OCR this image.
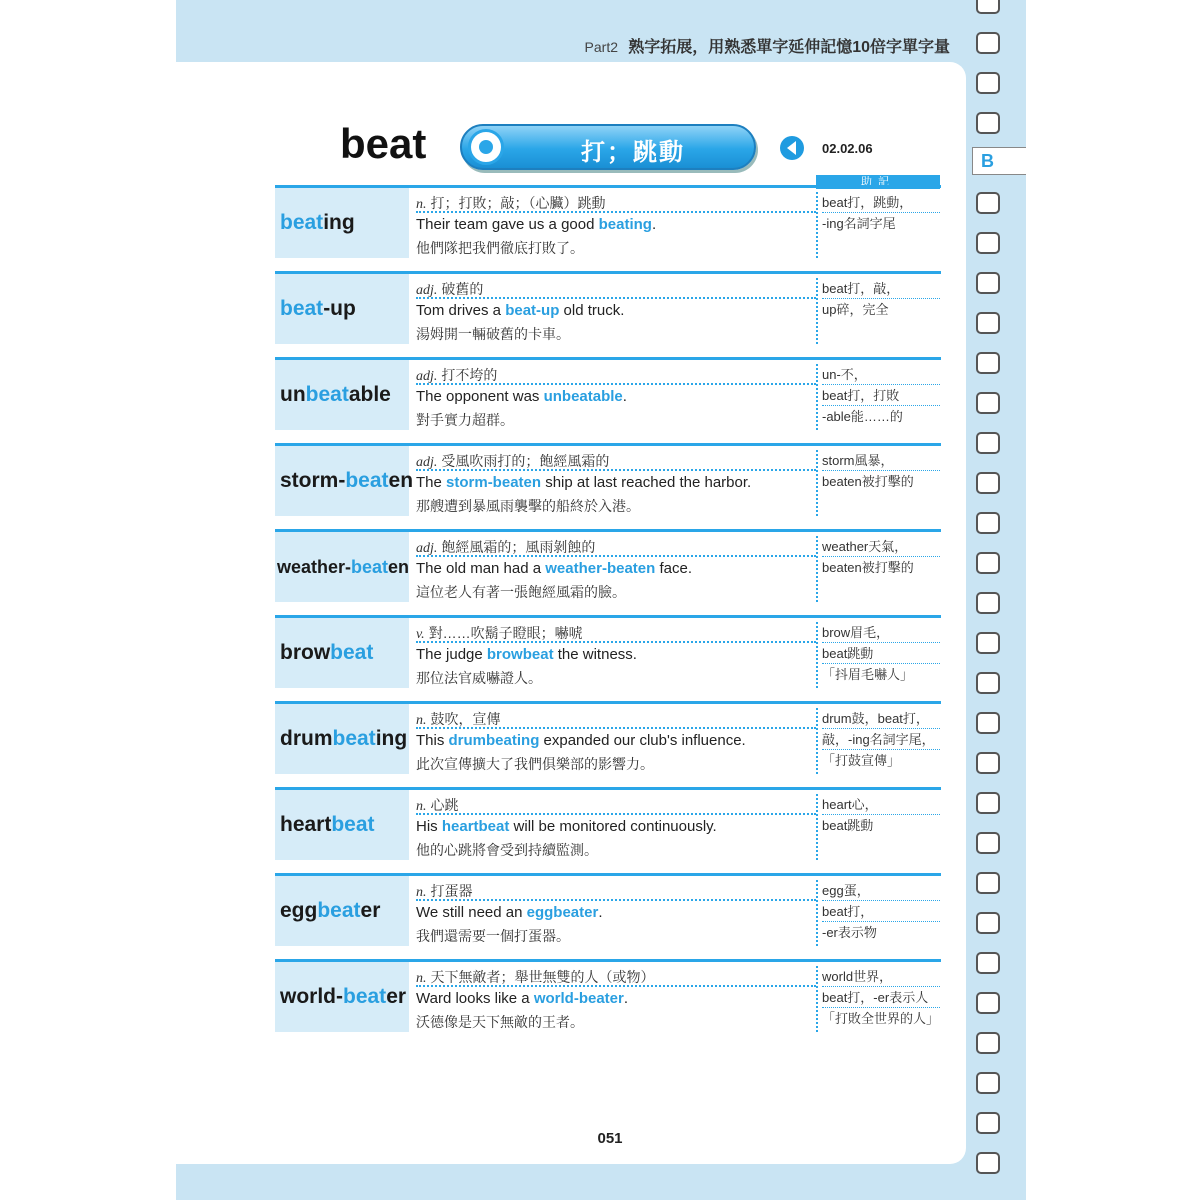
Part2 熟字拓展，用熟悉單字延伸記憶10倍字單字量
B
beat	打；跳動	02.02.06
助記
beat ing
n. 打；打敗；敲；（心臟）跳動
Their team gave us a good beating.
他們隊把我們徹底打敗了。
beat打，跳動，
-ing名詞字尾
beat -up
adj. 破舊的
Tom drives a beat-up old truck.
湯姆開一輛破舊的卡車。
beat打，敲，
up碎，完全
un beat able
adj. 打不垮的
The opponent was unbeatable.
對手實力超群。
un-不，
beat打，打敗
-able能……的
storm- beat en
adj. 受風吹雨打的；飽經風霜的
The storm-beaten ship at last reached the harbor.
那艘遭到暴風雨襲擊的船終於入港。
storm風暴，
beaten被打擊的
weather- beat en
adj. 飽經風霜的；風雨剝蝕的
The old man had a weather-beaten face.
這位老人有著一張飽經風霜的臉。
weather天氣，
beaten被打擊的
brow beat
v. 對……吹鬍子瞪眼；嚇唬
The judge browbeat the witness.
那位法官威嚇證人。
brow眉毛，
beat跳動
「抖眉毛嚇人」
drum beat ing
n. 鼓吹，宣傳
This drumbeating expanded our club's influence.
此次宣傳擴大了我們俱樂部的影響力。
drum鼓，beat打，
敲，-ing名詞字尾，
「打鼓宣傳」
heart beat
n. 心跳
His heartbeat will be monitored continuously.
他的心跳將會受到持續監測。
heart心，
beat跳動
egg beat er
n. 打蛋器
We still need an eggbeater.
我們還需要一個打蛋器。
egg蛋，
beat打，
-er表示物
world- beat er
n. 天下無敵者；舉世無雙的人（或物）
Ward looks like a world-beater.
沃德像是天下無敵的王者。
world世界，
beat打，-er表示人
「打敗全世界的人」
051
